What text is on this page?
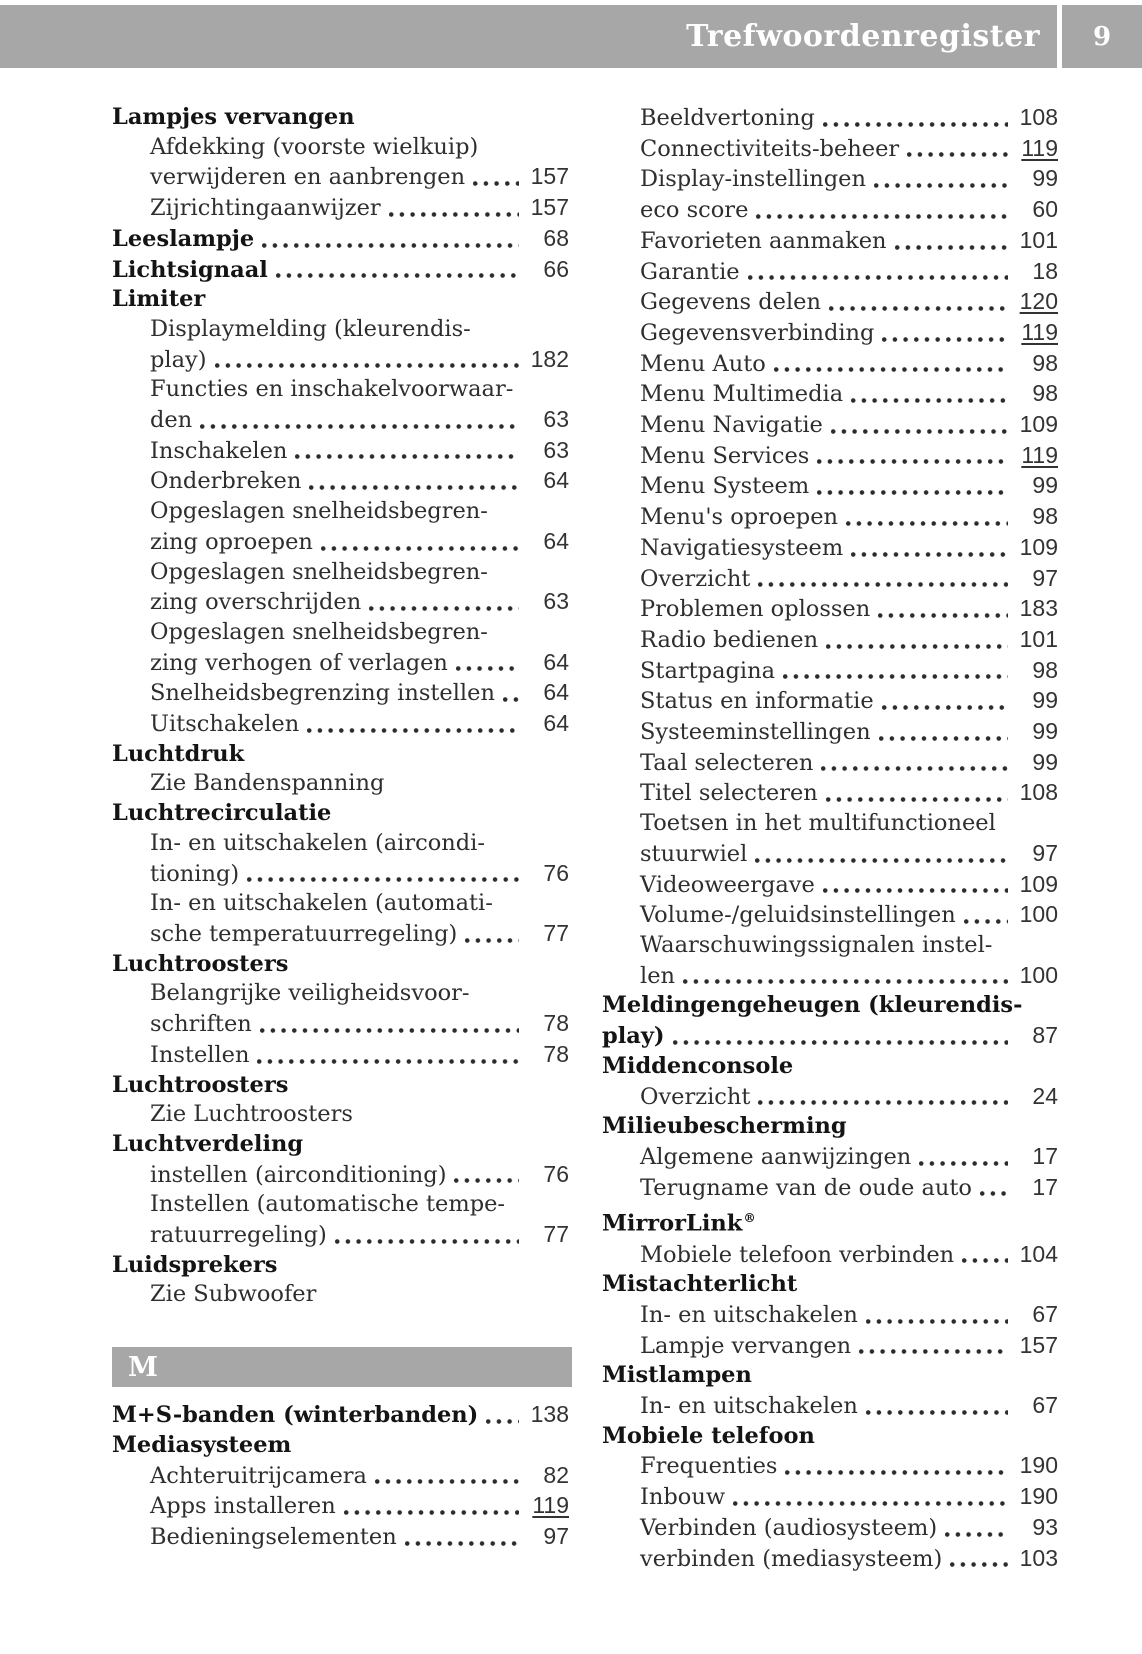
Trefwoordenregister 9
Lampjes vervangen
Afdekking (voorste wielkuip)
verwijderen en aanbrengen	157
Zijrichtingaanwijzer	157
Leeslampje	68
Lichtsignaal	66
Limiter
Displaymelding (kleurendis-
play)	182
Functies en inschakelvoorwaar-
den	63
Inschakelen	63
Onderbreken	64
Opgeslagen snelheidsbegren-
zing oproepen	64
Opgeslagen snelheidsbegren-
zing overschrijden	63
Opgeslagen snelheidsbegren-
zing verhogen of verlagen	64
Snelheidsbegrenzing instellen	64
Uitschakelen	64
Luchtdruk
Zie Bandenspanning
Luchtrecirculatie
In- en uitschakelen (aircondi-
tioning)	76
In- en uitschakelen (automati-
sche temperatuurregeling)	77
Luchtroosters
Belangrijke veiligheidsvoor-
schriften	78
Instellen	78
Luchtroosters
Zie Luchtroosters
Luchtverdeling
instellen (airconditioning)	76
Instellen (automatische tempe-
ratuurregeling)	77
Luidsprekers
Zie Subwoofer
M
M+S-banden (winterbanden)	138
Mediasysteem
Achteruitrijcamera	82
Apps installeren	119
Bedieningselementen	97
Beeldvertoning	108
Connectiviteits-beheer	119
Display-instellingen	99
eco score	60
Favorieten aanmaken	101
Garantie	18
Gegevens delen	120
Gegevensverbinding	119
Menu Auto	98
Menu Multimedia	98
Menu Navigatie	109
Menu Services	119
Menu Systeem	99
Menu's oproepen	98
Navigatiesysteem	109
Overzicht	97
Problemen oplossen	183
Radio bedienen	101
Startpagina	98
Status en informatie	99
Systeeminstellingen	99
Taal selecteren	99
Titel selecteren	108
Toetsen in het multifunctioneel
stuurwiel	97
Videoweergave	109
Volume-/geluidsinstellingen	100
Waarschuwingssignalen instel-
len	100
Meldingengeheugen (kleurendis-
play)	87
Middenconsole
Overzicht	24
Milieubescherming
Algemene aanwijzingen	17
Terugname van de oude auto	17
MirrorLink®
Mobiele telefoon verbinden	104
Mistachterlicht
In- en uitschakelen	67
Lampje vervangen	157
Mistlampen
In- en uitschakelen	67
Mobiele telefoon
Frequenties	190
Inbouw	190
Verbinden (audiosysteem)	93
verbinden (mediasysteem)	103
